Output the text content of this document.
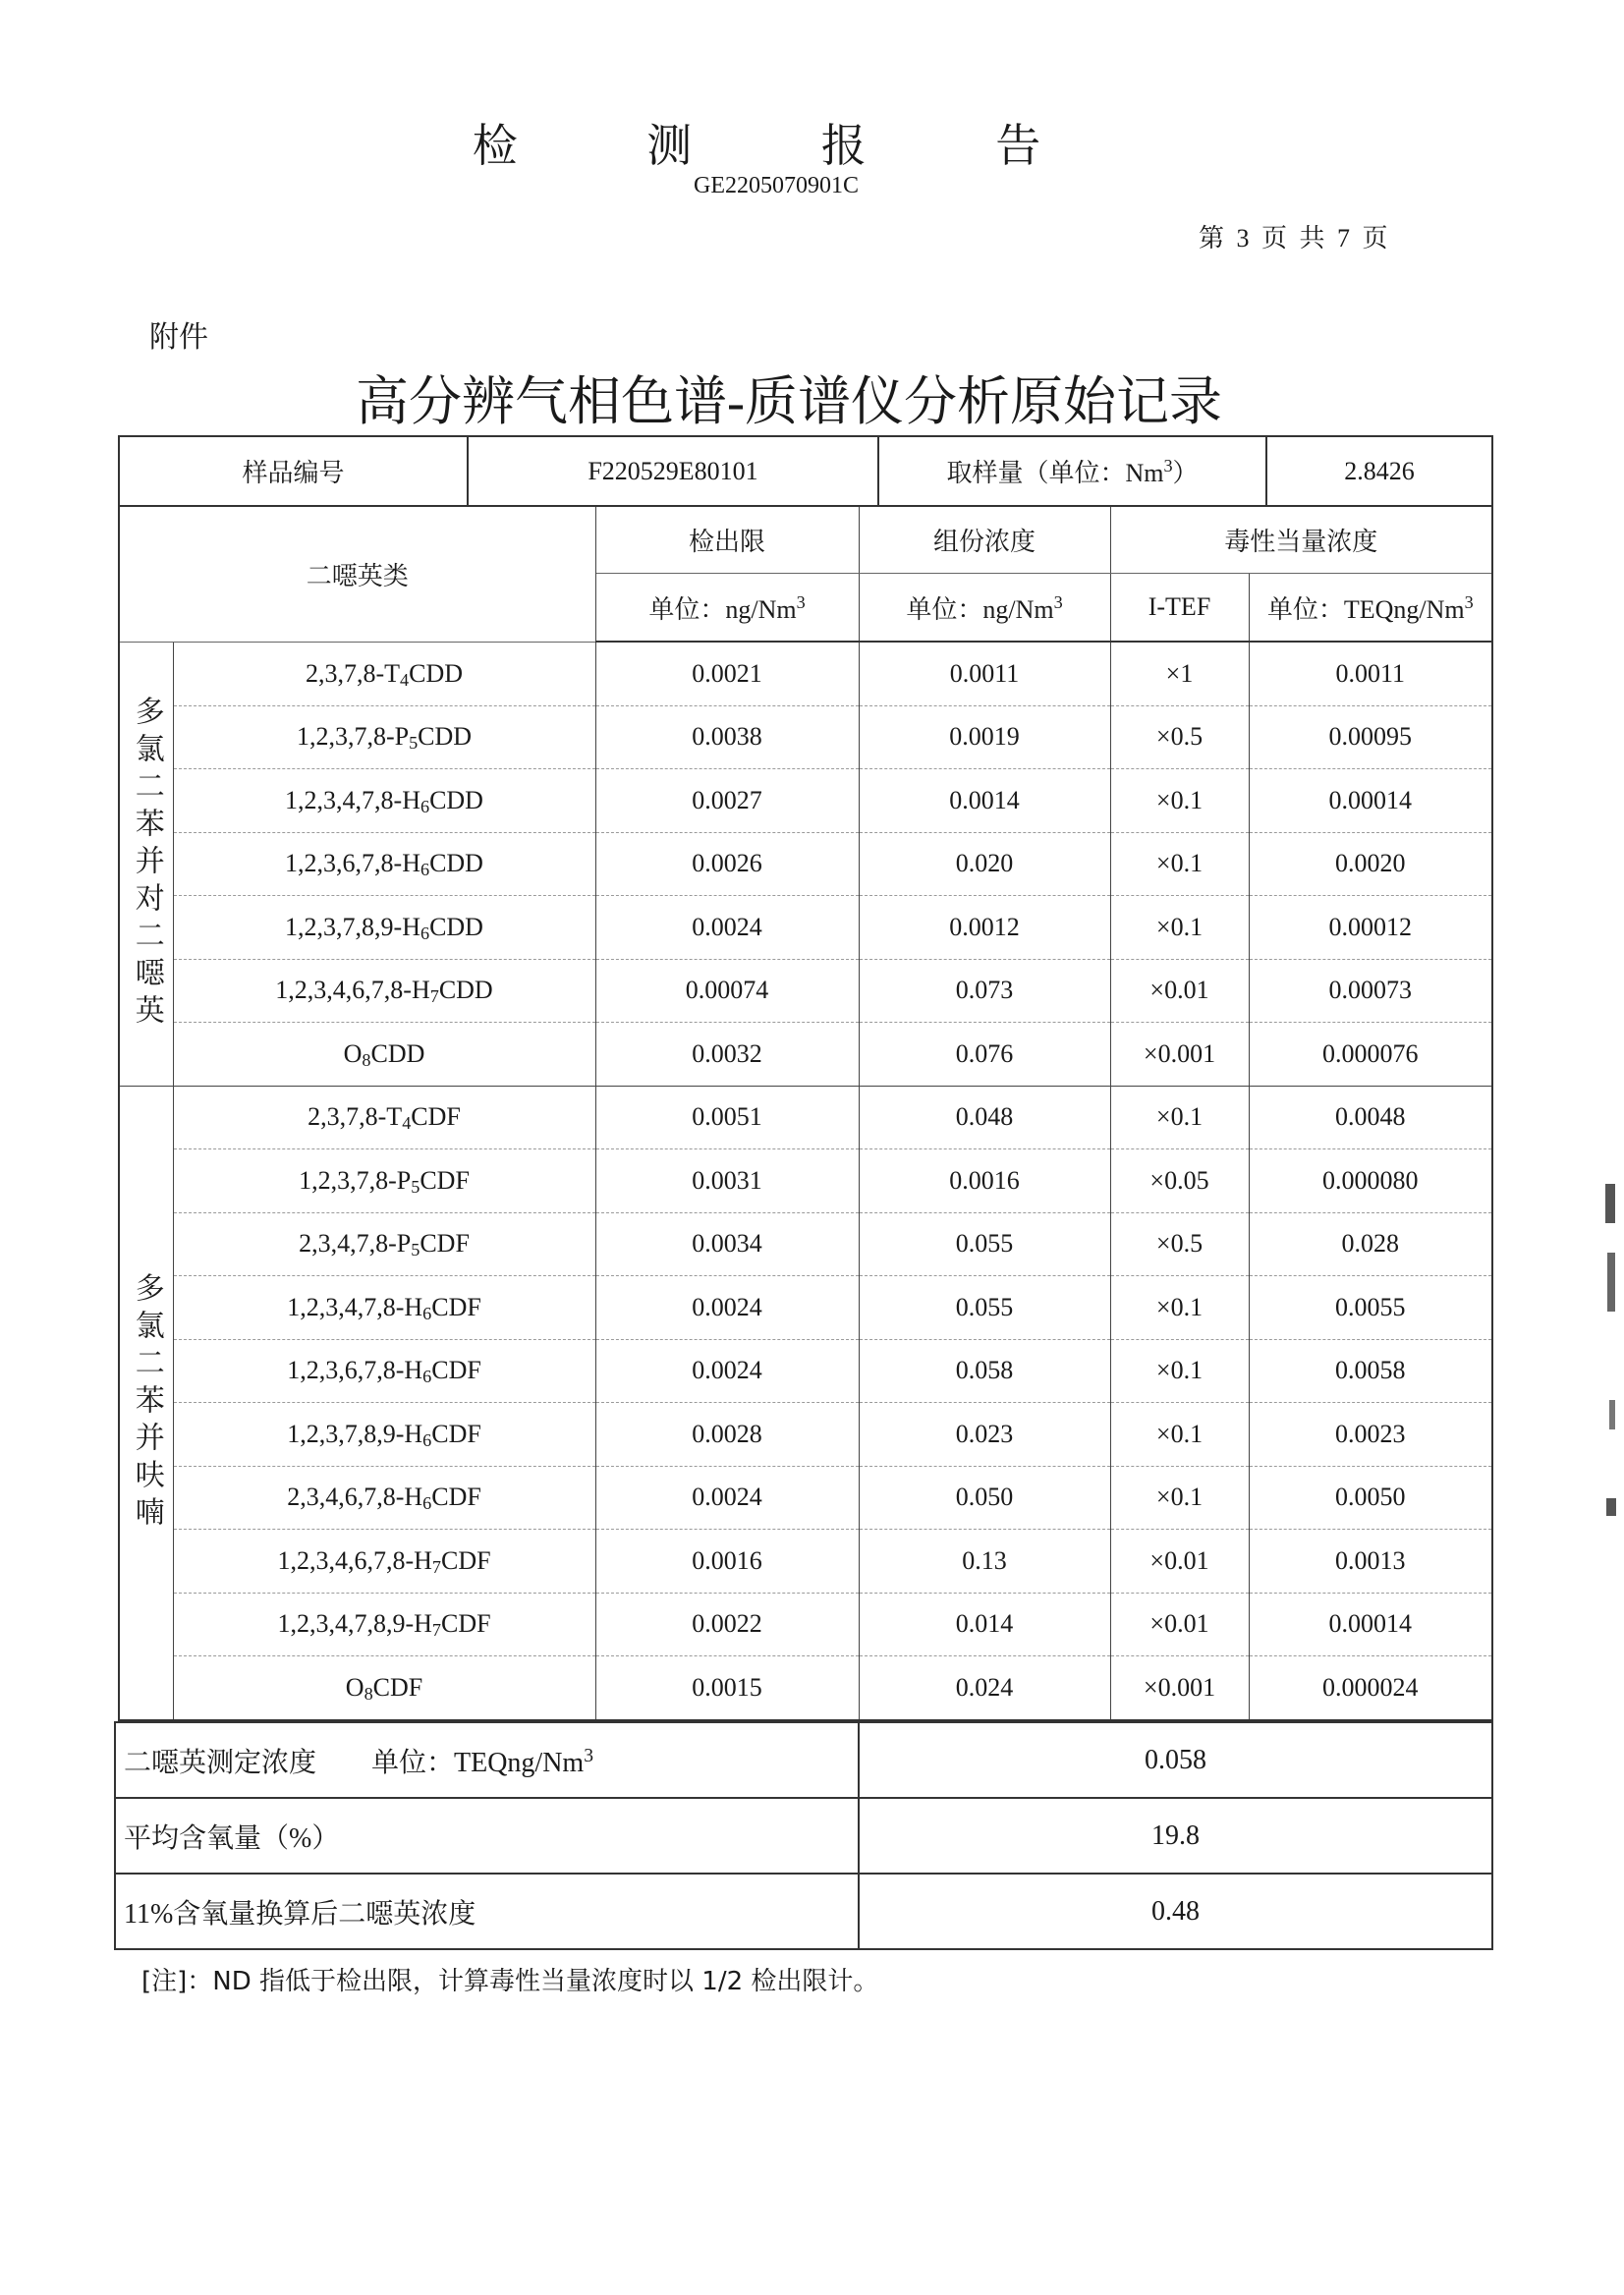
检 测 报 告
GE2205070901C
第 3 页 共 7 页
附件
高分辨气相色谱-质谱仪分析原始记录
样品编号	F220529E80101	取样量（单位：Nm$^3$）	2.8426
二噁英类		检出限	组份浓度	毒性当量浓度	
		单位：ng/Nm$^3$	单位：ng/Nm$^3$	I-TEF	单位：TEQng/Nm$^3$

多氯二苯并对二噁英	$2,3,7,8-T_4CDD$	0.0021	0.0011	×1	0.0011
	$1,2,3,7,8-P_5CDD$	0.0038	0.0019	×0.5	0.00095
	$1,2,3,4,7,8-H_6CDD$	0.0027	0.0014	×0.1	0.00014
	$1,2,3,6,7,8-H_6CDD$	0.0026	0.020	×0.1	0.0020
	$1,2,3,7,8,9-H_6CDD$	0.0024	0.0012	×0.1	0.00012
	$1,2,3,4,6,7,8-H_7CDD$	0.00074	0.073	×0.01	0.00073
	$O_8CDD$	0.0032	0.076	×0.001	0.000076

多氯二苯并呋喃	$2,3,7,8-T_4CDF$	0.0051	0.048	×0.1	0.0048
	$1,2,3,7,8-P_5CDF$	0.0031	0.0016	×0.05	0.000080
	$2,3,4,7,8-P_5CDF$	0.0034	0.055	×0.5	0.028
	$1,2,3,4,7,8-H_6CDF$	0.0024	0.055	×0.1	0.0055
	$1,2,3,6,7,8-H_6CDF$	0.0024	0.058	×0.1	0.0058
	$1,2,3,7,8,9-H_6CDF$	0.0028	0.023	×0.1	0.0023
	$2,3,4,6,7,8-H_6CDF$	0.0024	0.050	×0.1	0.0050
	$1,2,3,4,6,7,8-H_7CDF$	0.0016	0.13	×0.01	0.0013
	$1,2,3,4,7,8,9-H_7CDF$	0.0022	0.014	×0.01	0.00014
	$O_8CDF$	0.0015	0.024	×0.001	0.000024
二噁英测定浓度　　单位：TEQng/Nm$^3$	0.058
平均含氧量（%）	19.8
11%含氧量换算后二噁英浓度	0.48
[注]：ND 指低于检出限，计算毒性当量浓度时以 1/2 检出限计。
